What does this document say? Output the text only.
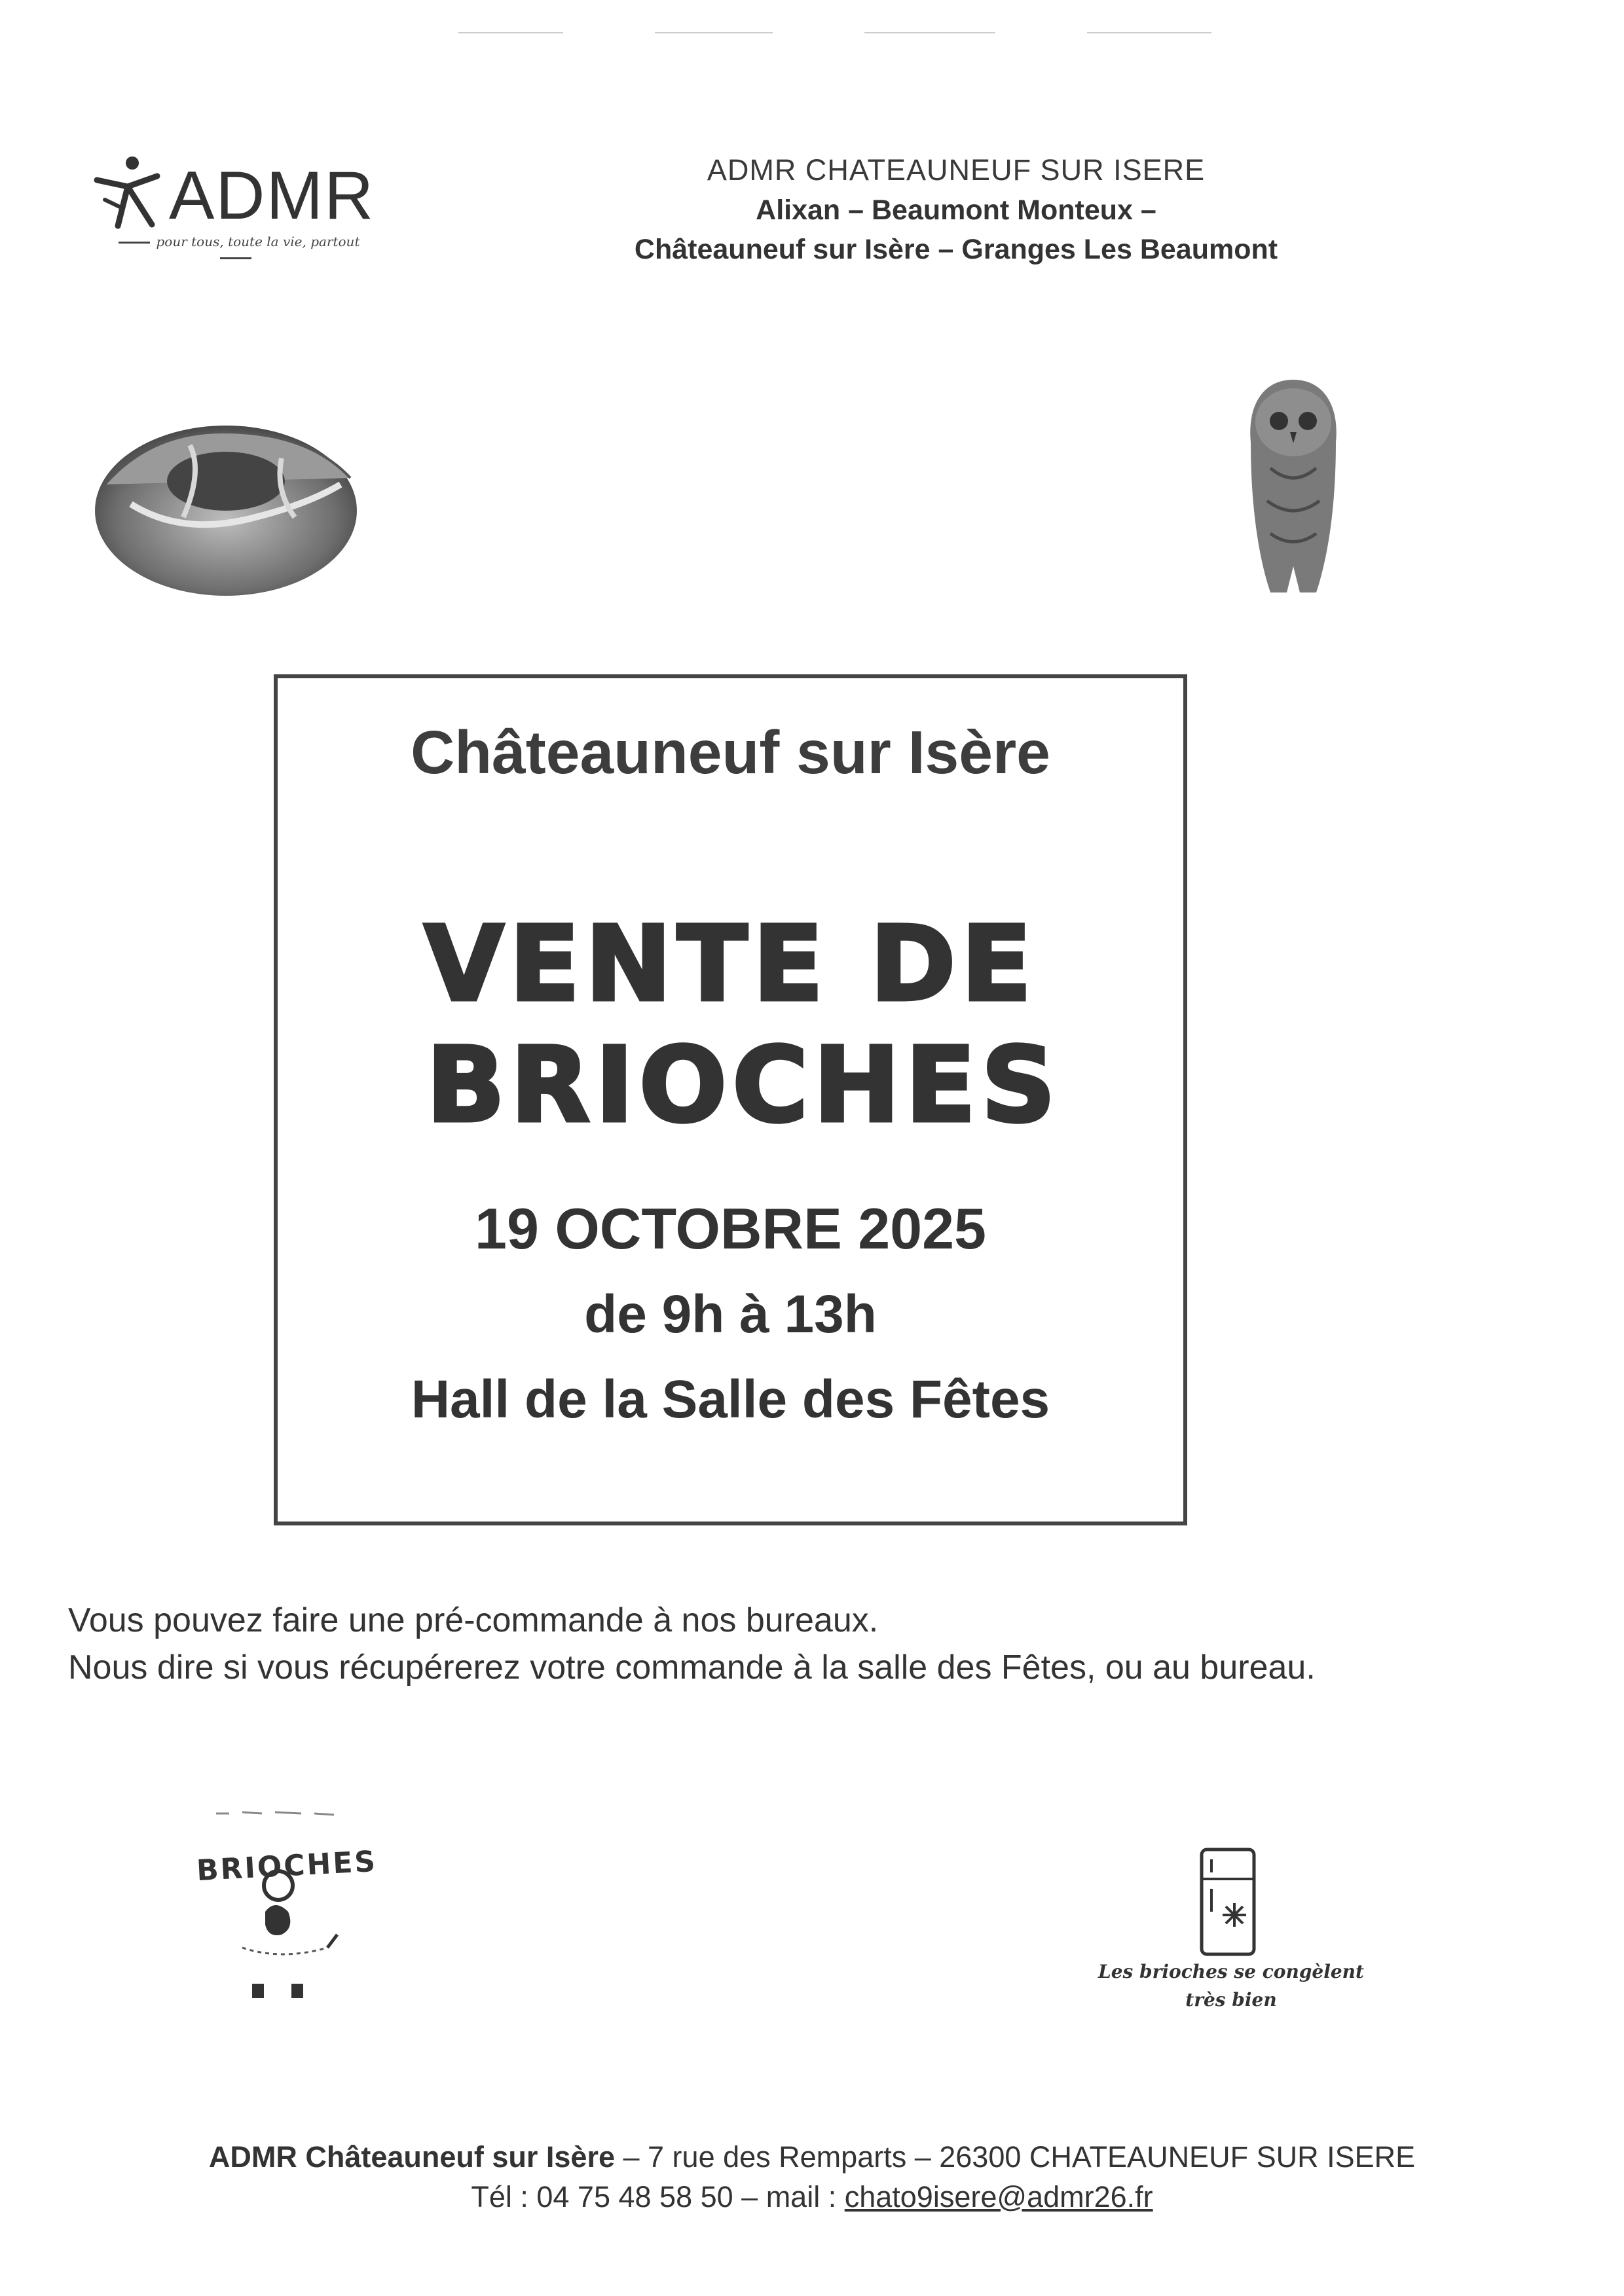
ADMR
pour tous, toute la vie, partout
ADMR CHATEAUNEUF SUR ISERE
Alixan – Beaumont Monteux –
Châteauneuf sur Isère – Granges Les Beaumont
Châteauneuf sur Isère
VENTE DE
BRIOCHES
19 OCTOBRE 2025
de 9h à 13h
Hall de la Salle des Fêtes
Vous pouvez faire une pré-commande à nos bureaux.
Nous dire si vous récupérerez votre commande à la salle des Fêtes, ou au bureau.
BRIOCHES
Les brioches se congèlent
très bien
ADMR Châteauneuf sur Isère – 7 rue des Remparts – 26300 CHATEAUNEUF SUR ISERE
Tél : 04 75 48 58 50 – mail : chato9isere@admr26.fr
